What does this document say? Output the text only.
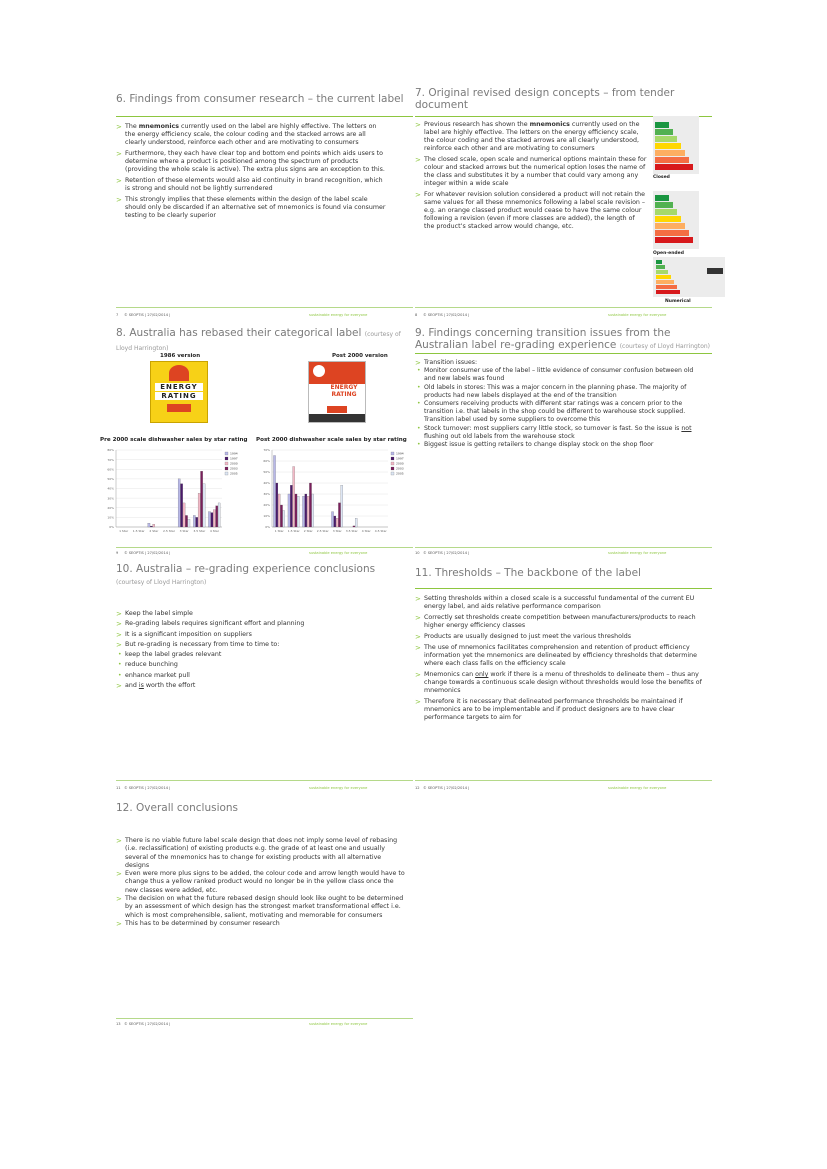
6. Findings from consumer research – the current label
> The mnemonics currently used on the label are highly effective. The letters on the energy efficiency scale, the colour coding and the stacked arrows are all clearly understood, reinforce each other and are motivating to consumers
> Furthermore, they each have clear top and bottom end points which aids users to determine where a product is positioned among the spectrum of products (providing the whole scale is active). The extra plus signs are an exception to this.
> Retention of these elements would also aid continuity in brand recognition, which is strong and should not be lightly surrendered
> This strongly implies that these elements within the design of the label scale should only be discarded if an alternative set of mnemonics is found via consumer testing to be clearly superior
7 © SEOPTIS | 27/02/2014 |	sustainable energy for everyone
7. Original revised design concepts – from tender document
> Previous research has shown the mnemonics currently used on the label are highly effective. The letters on the energy efficiency scale, the colour coding and the stacked arrows are all clearly understood, reinforce each other and are motivating to consumers
> The closed scale, open scale and numerical options maintain these for colour and stacked arrows but the numerical option loses the name of the class and substitutes it by a number that could vary among any integer within a wide scale
> For whatever revision solution considered a product will not retain the same values for all these mnemonics following a label scale revision – e.g. an orange classed product would cease to have the same colour following a revision (even if more classes are added), the length of the product’s stacked arrow would change, etc.
Closed
Open-ended
Numerical
8 © SEOPTIS | 27/02/2014 |	sustainable energy for everyone
8. Australia has rebased their categorical label (courtesy of Lloyd Harrington)
1986 version	Post 2000 version
ENERGY
RATING
ENERGY
RATING
Pre 2000 scale dishwasher sales by star rating Post 2000 dishwasher scale sales by star rating
0%
10%
20%
30%
40%
50%
60%
70%
80%
1 Star 1.5 Star 2 Star 2.5 Star 3 Star 3.5 Star 4 Star
1994
1997
2000
2003
2005
0%
10%
20%
30%
40%
50%
60%
70%
1 Star 1.5 Star 2 Star 2.5 Star 3 Star 3.5 Star 4 Star 4.5 Star
1994
1997
2000
2003
2005
9 © SEOPTIS | 27/02/2014 |	sustainable energy for everyone
9. Findings concerning transition issues from the Australian label re-grading experience (courtesy of Lloyd Harrington)
> Transition issues:
• Monitor consumer use of the label – little evidence of consumer confusion between old and new labels was found
• Old labels in stores: This was a major concern in the planning phase. The majority of products had new labels displayed at the end of the transition
• Consumers receiving products with different star ratings was a concern prior to the transition i.e. that labels in the shop could be different to warehouse stock supplied. Transition label used by some suppliers to overcome this
• Stock turnover: most suppliers carry little stock, so turnover is fast. So the issue is not flushing out old labels from the warehouse stock
• Biggest issue is getting retailers to change display stock on the shop floor
10 © SEOPTIS | 27/02/2014 |	sustainable energy for everyone
10. Australia – re-grading experience conclusions (courtesy of Lloyd Harrington)
> Keep the label simple
> Re-grading labels requires significant effort and planning
> It is a significant imposition on suppliers
> But re-grading is necessary from time to time to:
• keep the label grades relevant
• reduce bunching
• enhance market pull
> and is worth the effort
11 © SEOPTIS | 27/02/2014 |	sustainable energy for everyone
11. Thresholds – The backbone of the label
> Setting thresholds within a closed scale is a successful fundamental of the current EU energy label, and aids relative performance comparison
> Correctly set thresholds create competition between manufacturers/products to reach higher energy efficiency classes
> Products are usually designed to just meet the various thresholds
> The use of mnemonics facilitates comprehension and retention of product efficiency information yet the mnemonics are delineated by efficiency thresholds that determine where each class falls on the efficiency scale
> Mnemonics can only work if there is a menu of thresholds to delineate them – thus any change towards a continuous scale design without thresholds would lose the benefits of mnemonics
> Therefore it is necessary that delineated performance thresholds be maintained if mnemonics are to be implementable and if product designers are to have clear performance targets to aim for
12 © SEOPTIS | 27/02/2014 |	sustainable energy for everyone
12. Overall conclusions
> There is no viable future label scale design that does not imply some level of rebasing (i.e. reclassification) of existing products e.g. the grade of at least one and usually several of the mnemonics has to change for existing products with all alternative designs
> Even were more plus signs to be added, the colour code and arrow length would have to change thus a yellow ranked product would no longer be in the yellow class once the new classes were added, etc.
> The decision on what the future rebased design should look like ought to be determined by an assessment of which design has the strongest market transformational effect i.e. which is most comprehensible, salient, motivating and memorable for consumers
> This has to be determined by consumer research
13 © SEOPTIS | 27/02/2014 |	sustainable energy for everyone
